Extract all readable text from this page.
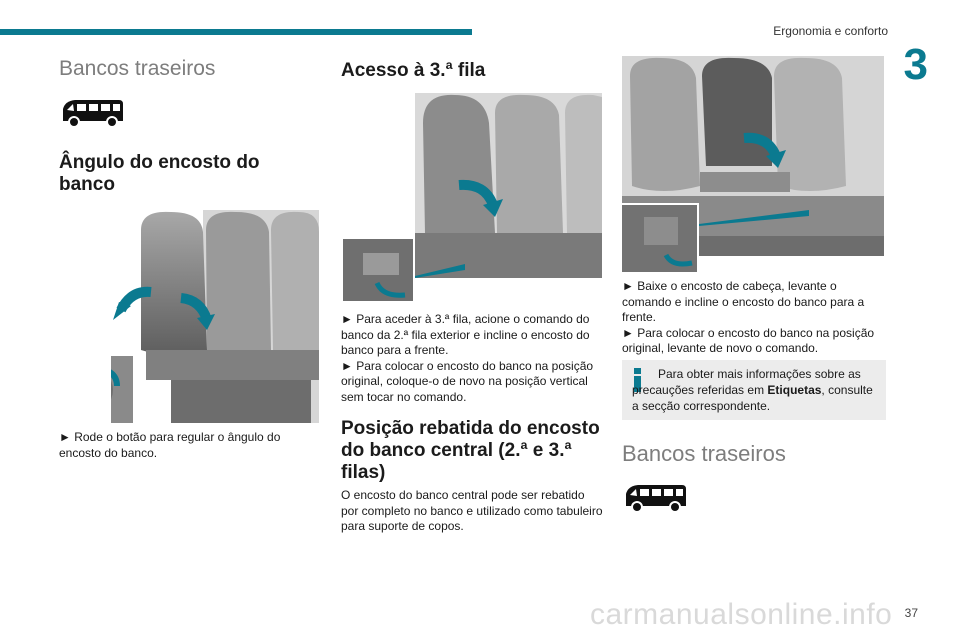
Ergonomia e conforto
3
Bancos traseiros
Ângulo do encosto do banco
► Rode o botão para regular o ângulo do encosto do banco.
Acesso à 3.ª fila

► Para aceder à 3.ª fila, acione o comando do banco da 2.ª fila exterior e incline o encosto do banco para a frente.

► Para colocar o encosto do banco na posição original, coloque-o de novo na posição vertical sem tocar no comando.

Posição rebatida do encosto do banco central (2.ª e 3.ª filas)
O encosto do banco central pode ser rebatido por completo no banco e utilizado como tabuleiro para suporte de copos.

► Baixe o encosto de cabeça, levante o comando e incline o encosto do banco para a frente.

► Para colocar o encosto do banco na posição original, levante de novo o comando.

Para obter mais informações sobre as precauções referidas em Etiquetas, consulte a secção correspondente.
Bancos traseiros
carmanualsonline.info 37
